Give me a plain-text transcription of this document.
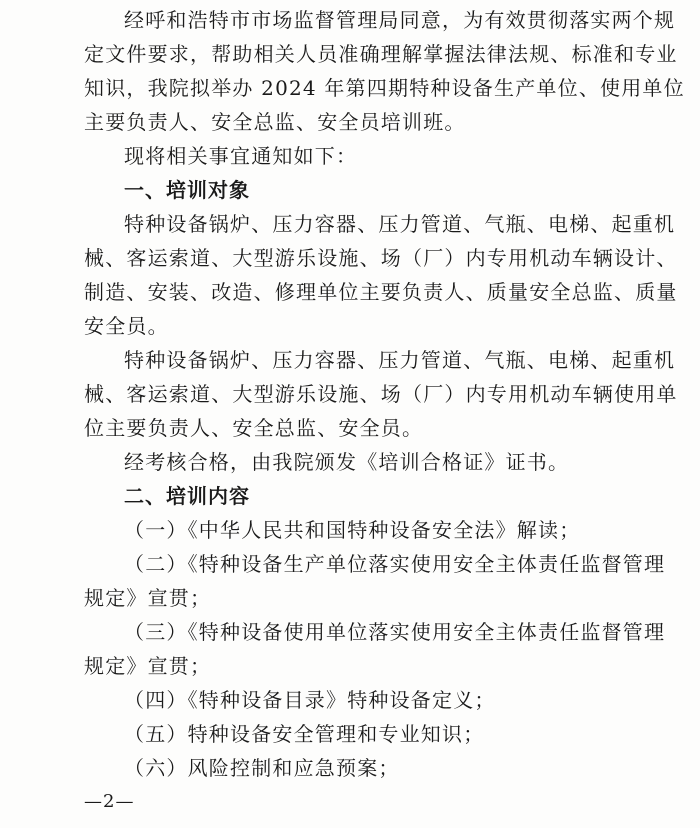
经呼和浩特市市场监督管理局同意，为有效贯彻落实两个规
定文件要求，帮助相关人员准确理解掌握法律法规、标准和专业
知识，我院拟举办 2024 年第四期特种设备生产单位、使用单位
主要负责人、安全总监、安全员培训班。
现将相关事宜通知如下：
一、培训对象
特种设备锅炉、压力容器、压力管道、气瓶、电梯、起重机
械、客运索道、大型游乐设施、场（厂）内专用机动车辆设计、
制造、安装、改造、修理单位主要负责人、质量安全总监、质量
安全员。
特种设备锅炉、压力容器、压力管道、气瓶、电梯、起重机
械、客运索道、大型游乐设施、场（厂）内专用机动车辆使用单
位主要负责人、安全总监、安全员。
经考核合格，由我院颁发《培训合格证》证书。
二、培训内容
（一）《中华人民共和国特种设备安全法》解读；
（二）《特种设备生产单位落实使用安全主体责任监督管理
规定》宣贯；
（三）《特种设备使用单位落实使用安全主体责任监督管理
规定》宣贯；
（四）《特种设备目录》特种设备定义；
（五）特种设备安全管理和专业知识；
（六）风险控制和应急预案；
—2—
